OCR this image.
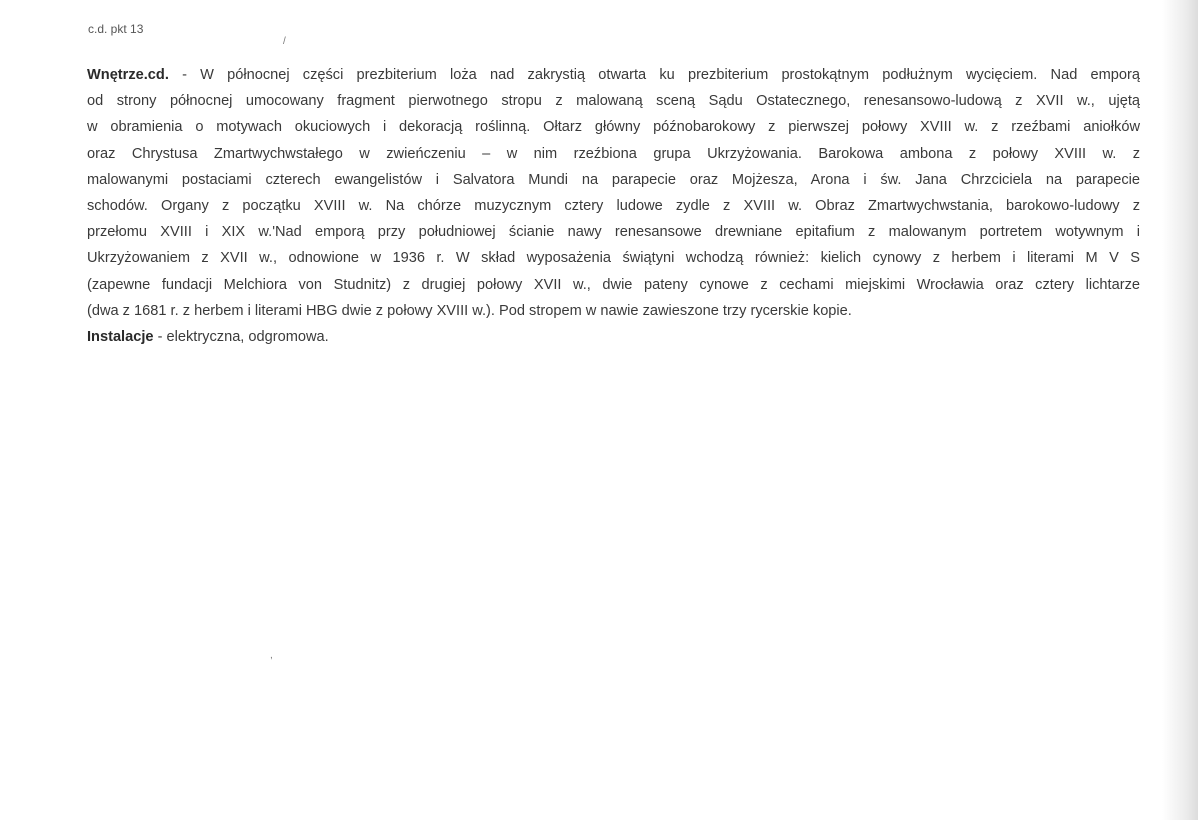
c.d. pkt 13
/
,
Wnętrze.cd. - W północnej części prezbiterium loża nad zakrystią otwarta ku prezbiterium prostokątnym podłużnym wycięciem. Nad emporą
od strony północnej umocowany fragment pierwotnego stropu z malowaną sceną Sądu Ostatecznego, renesansowo-ludową z XVII w., ujętą
w obramienia o motywach okuciowych i dekoracją roślinną. Ołtarz główny późnobarokowy z pierwszej połowy XVIII w. z rzeźbami aniołków
oraz Chrystusa Zmartwychwstałego w zwieńczeniu – w nim rzeźbiona grupa Ukrzyżowania. Barokowa ambona z połowy XVIII w. z
malowanymi postaciami czterech ewangelistów i Salvatora Mundi na parapecie oraz Mojżesza, Arona i św. Jana Chrzciciela na parapecie
schodów. Organy z początku XVIII w. Na chórze muzycznym cztery ludowe zydle z XVIII w. Obraz Zmartwychwstania, barokowo-ludowy z
przełomu XVIII i XIX w.'Nad emporą przy południowej ścianie nawy renesansowe drewniane epitafium z malowanym portretem wotywnym i
Ukrzyżowaniem z XVII w., odnowione w 1936 r. W skład wyposażenia świątyni wchodzą również: kielich cynowy z herbem i literami M V S
(zapewne fundacji Melchiora von Studnitz) z drugiej połowy XVII w., dwie pateny cynowe z cechami miejskimi Wrocławia oraz cztery lichtarze
(dwa z 1681 r. z herbem i literami HBG dwie z połowy XVIII w.). Pod stropem w nawie zawieszone trzy rycerskie kopie.
Instalacje - elektryczna, odgromowa.
